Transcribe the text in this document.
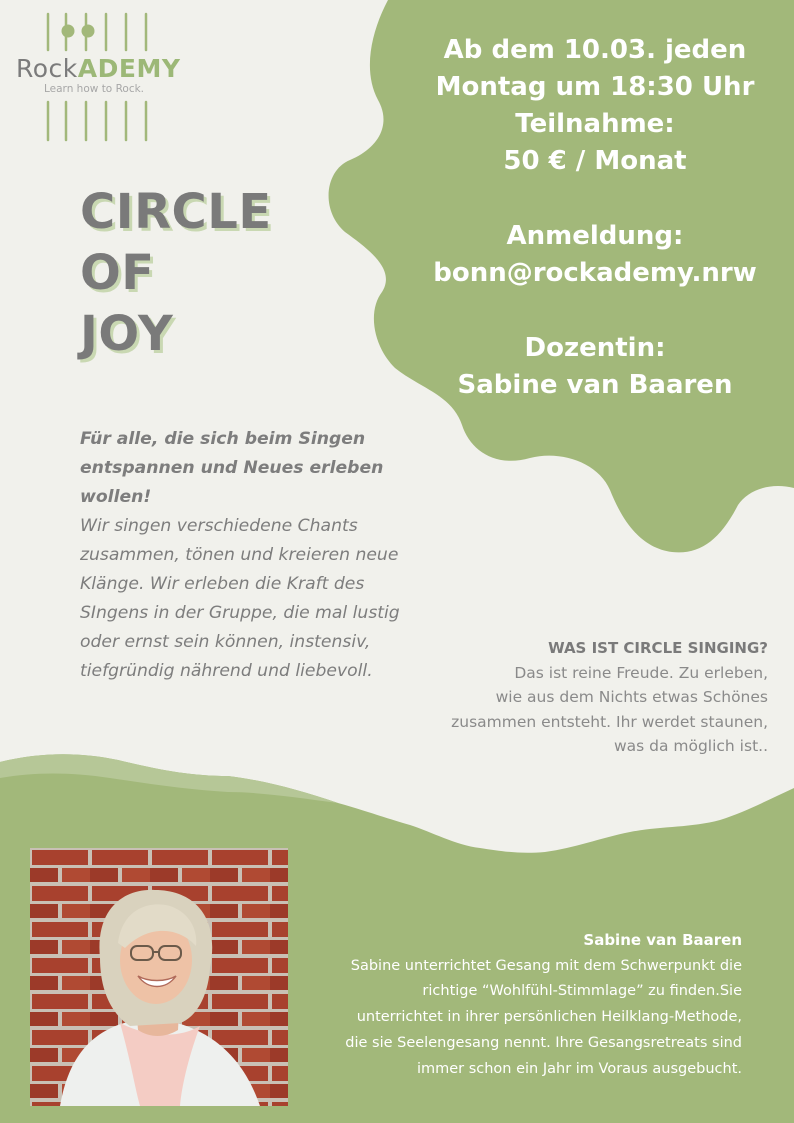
RockADEMY
Learn how to Rock.
CIRCLE
OF
JOY
Ab dem 10.03. jeden
Montag um 18:30 Uhr
Teilnahme:
50 € / Monat
Anmeldung:
bonn@rockademy.nrw
Dozentin:
Sabine van Baaren
Für alle, die sich beim Singen
entspannen und Neues erleben
wollen!
Wir singen verschiedene Chants
zusammen, tönen und kreieren neue
Klänge. Wir erleben die Kraft des
SIngens in der Gruppe, die mal lustig
oder ernst sein können, instensiv,
tiefgründig nährend und liebevoll.
WAS IST CIRCLE SINGING?
Das ist reine Freude. Zu erleben,
wie aus dem Nichts etwas Schönes
zusammen entsteht. Ihr werdet staunen,
was da möglich ist..
Sabine van Baaren
Sabine unterrichtet Gesang mit dem Schwerpunkt die
richtige “Wohlfühl-Stimmlage” zu finden.Sie
unterrichtet in ihrer persönlichen Heilklang-Methode,
die sie Seelengesang nennt. Ihre Gesangsretreats sind
immer schon ein Jahr im Voraus ausgebucht.
